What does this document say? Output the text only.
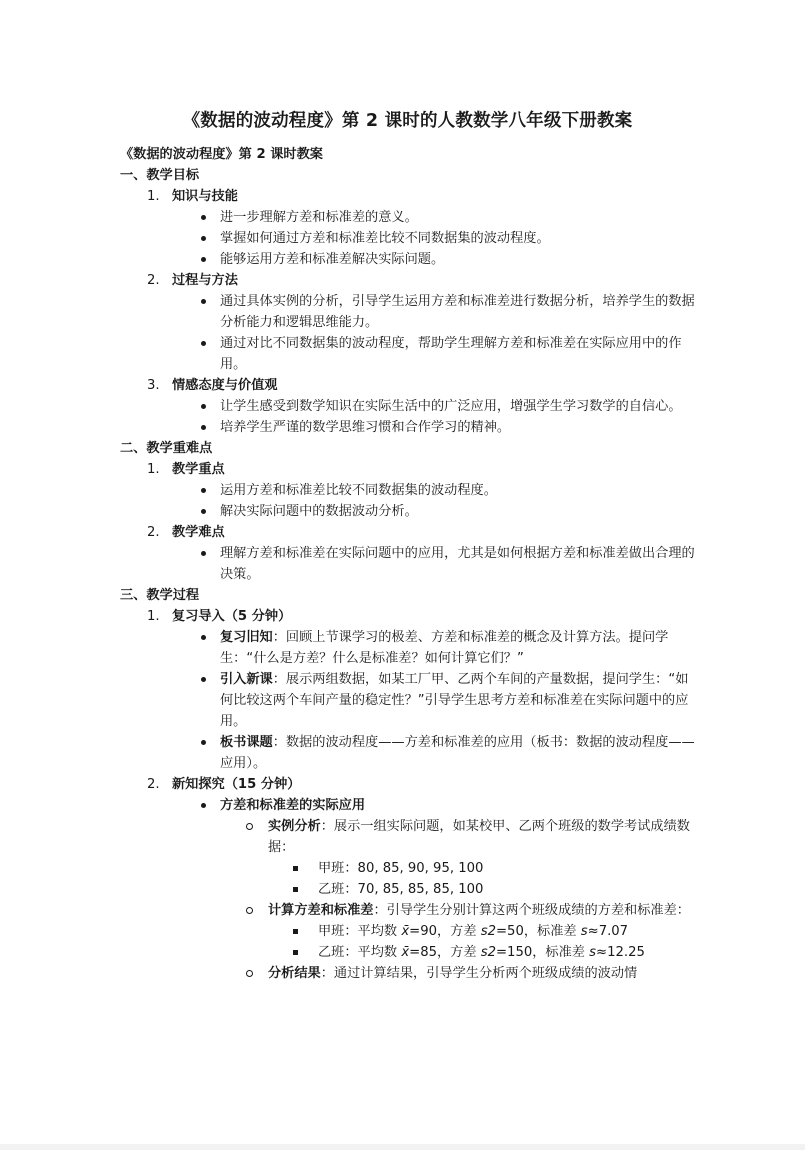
《数据的波动程度》第 2 课时的人教数学八年级下册教案
《数据的波动程度》第 2 课时教案
一、教学目标
1. 知识与技能
进一步理解方差和标准差的意义。
掌握如何通过方差和标准差比较不同数据集的波动程度。
能够运用方差和标准差解决实际问题。
2. 过程与方法
通过具体实例的分析，引导学生运用方差和标准差进行数据分析，培养学生的数据分析能力和逻辑思维能力。
通过对比不同数据集的波动程度，帮助学生理解方差和标准差在实际应用中的作用。
3. 情感态度与价值观
让学生感受到数学知识在实际生活中的广泛应用，增强学生学习数学的自信心。
培养学生严谨的数学思维习惯和合作学习的精神。
二、教学重难点
1. 教学重点
运用方差和标准差比较不同数据集的波动程度。
解决实际问题中的数据波动分析。
2. 教学难点
理解方差和标准差在实际问题中的应用，尤其是如何根据方差和标准差做出合理的决策。
三、教学过程
1. 复习导入（5 分钟）
复习旧知：回顾上节课学习的极差、方差和标准差的概念及计算方法。提问学生：“什么是方差？什么是标准差？如何计算它们？”
引入新课：展示两组数据，如某工厂甲、乙两个车间的产量数据，提问学生：“如何比较这两个车间产量的稳定性？”引导学生思考方差和标准差在实际问题中的应用。
板书课题：数据的波动程度——方差和标准差的应用（板书：数据的波动程度——应用）。
2. 新知探究（15 分钟）
方差和标准差的实际应用
实例分析：展示一组实际问题，如某校甲、乙两个班级的数学考试成绩数据：
甲班：80, 85, 90, 95, 100
乙班：70, 85, 85, 85, 100
计算方差和标准差：引导学生分别计算这两个班级成绩的方差和标准差：
甲班：平均数 x̄=90，方差 s2=50，标准差 s≈7.07
乙班：平均数 x̄=85，方差 s2=150，标准差 s≈12.25
分析结果：通过计算结果，引导学生分析两个班级成绩的波动情
